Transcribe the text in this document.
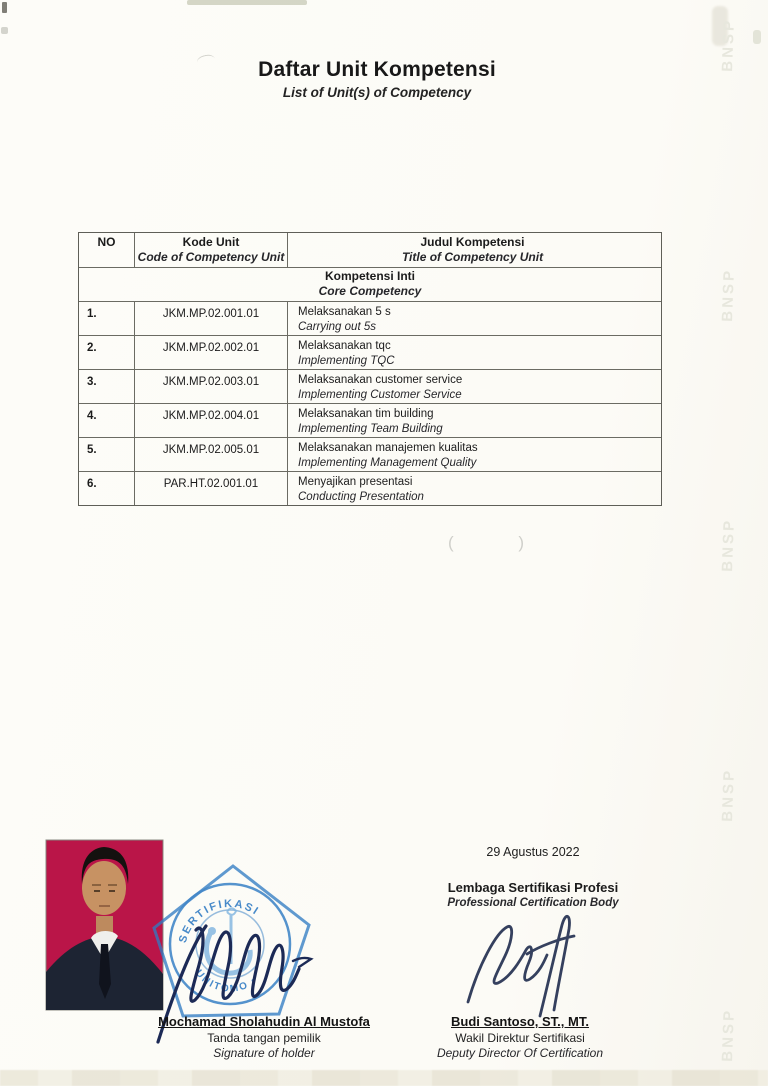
BNSP
BNSP
BNSP
BNSP
BNSP
( )
Daftar Unit Kompetensi
List of Unit(s) of Competency
NO	Kode Unit
Code of Competency Unit
Judul Kompetensi
Title of Competency Unit
Kompetensi Inti
Core Competency
1.	JKM.MP.02.001.01	Melaksanakan 5 s
Carrying out 5s
2.	JKM.MP.02.002.01	Melaksanakan tqc
Implementing TQC
3.	JKM.MP.02.003.01	Melaksanakan customer service
Implementing Customer Service
4.	JKM.MP.02.004.01	Melaksanakan tim building
Implementing Team Building
5.	JKM.MP.02.005.01	Melaksanakan manajemen kualitas
Implementing Management Quality
6.	PAR.HT.02.001.01	Menyajikan presentasi
Conducting Presentation
29 Agustus 2022
Lembaga Sertifikasi Profesi
Professional Certification Body
SERTIFIKASI
UNITOMO •
Mochamad Sholahudin Al Mustofa
Tanda tangan pemilik
Signature of holder
Budi Santoso, ST., MT.
Wakil Direktur Sertifikasi
Deputy Director Of Certification
